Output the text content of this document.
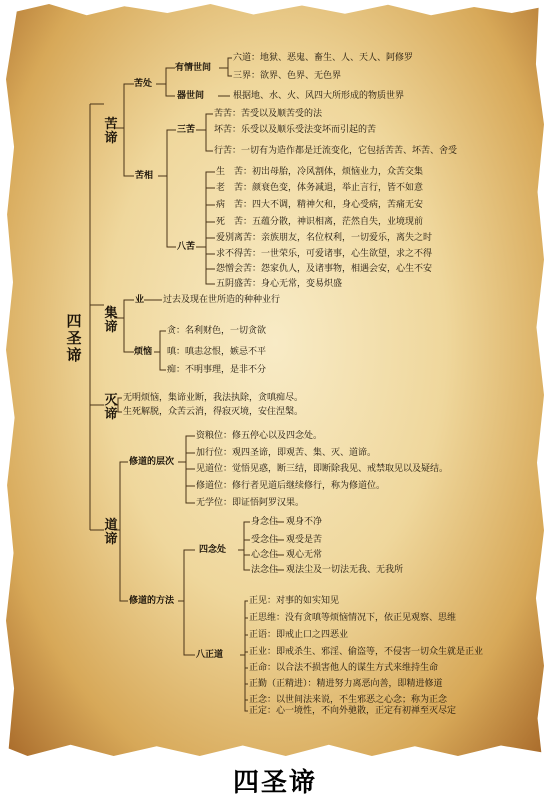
四
圣
谛
苦
谛
苦处
有情世间
六道：地狱、恶鬼、畜生、人、天人、阿修罗
三界：欲界、色界、无色界
器世间	根据地、水、火、风四大所形成的物质世界
苦相
三苦
苦苦：苦受以及顺苦受的法
坏苦：乐受以及顺乐受法变坏而引起的苦
行苦：一切有为造作都是迁流变化，它包括苦苦、坏苦、舍受
八苦
生　苦：初出母胎，冷风割体，烦恼业力，众苦交集
老　苦：颜衰色变，体务减退，举止言行，皆不如意
病　苦：四大不调，精神欠和，身心受病，苦痛无安
死　苦：五蕴分散，神识相离，茫然自失，业境现前
爱别离苦：亲族朋友，名位权利，一切爱乐，离失之时
求不得苦：一世荣乐，可爱诸事，心生欲望，求之不得
怨憎会苦：怨家仇人，及诸事物，相遇会安，心生不安
五阴盛苦：身心无常，变易炽盛
集
谛
业 过去及现在世所造的种种业行
烦恼
贪：名利财色，一切贪欲
嗔：嗔恚忿恨，嫉忌不平
痴：不明事理，是非不分
灭
谛
无明烦恼，集谛业断，我法执除，贪嗔痴尽。
生死解脱，众苦云消，得寂灭境，安住涅槃。
道
谛
修道的层次
资粮位：修五停心以及四念处。
加行位：观四圣谛，即观苦、集、灭、道谛。
见道位：觉悟见惑，断三结，即断除我见、戒禁取见以及疑结。
修道位：修行者见道后继续修行，称为修道位。
无学位：即证悟阿罗汉果。
修道的方法
四念处
身念住 观身不净
受念住 观受是苦
心念住 观心无常
法念住 观法尘及一切法无我、无我所
八正道
正见：对事的如实知见
正思维：没有贪嗔等烦恼情况下，依正见观察、思维
正语：即戒止口之四恶业
正业：即戒杀生、邪淫、偷盗等，不侵害一切众生就是正业
正命：以合法不损害他人的谋生方式来维持生命
正勤（正精进）：精进努力离恶向善，即精进修道
正念：以世间法来说，不生邪恶之心念；称为正念
正定：心一境性，不向外驰散，正定有初禅至灭尽定
四圣谛
